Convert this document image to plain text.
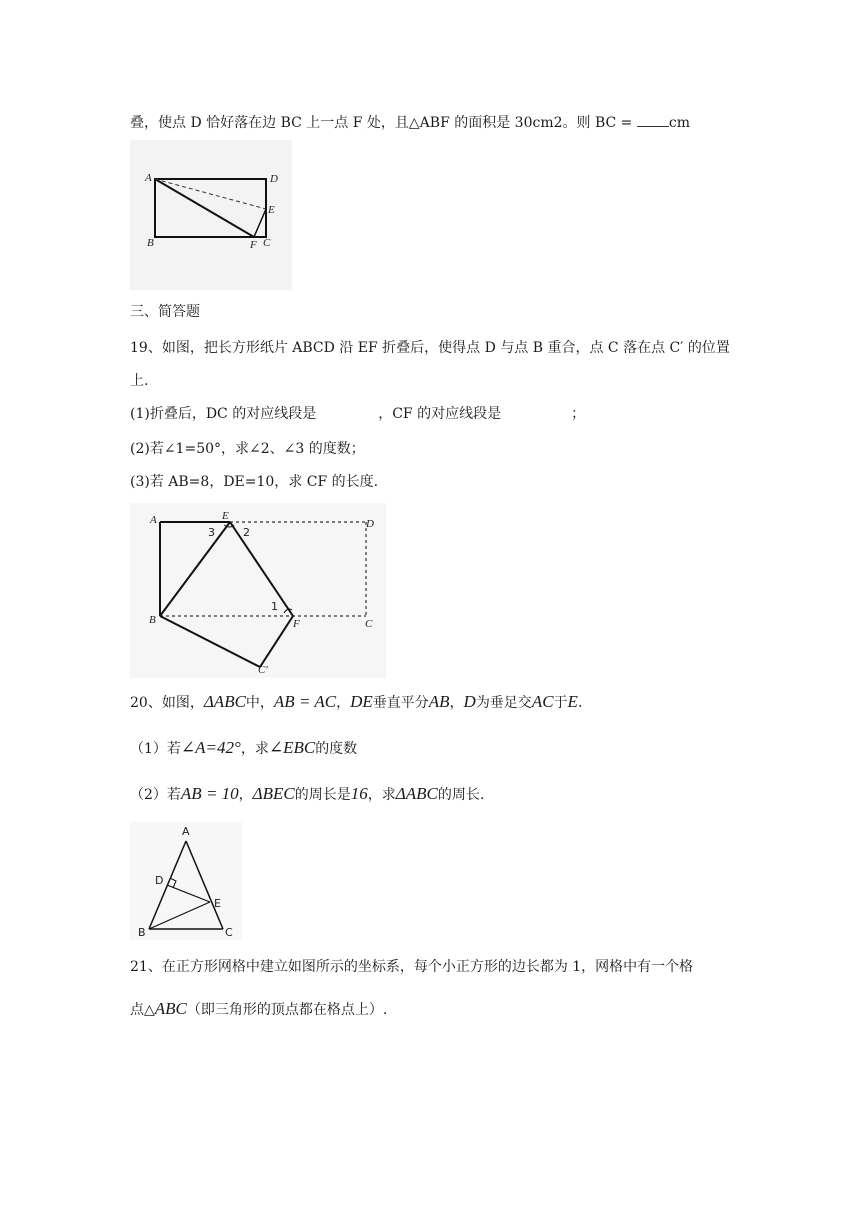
叠，使点 D 恰好落在边 BC 上一点 F 处，且△ABF 的面积是 30cm2。则 BC =	cm
A	D
E
B	F C
三、简答题
19、如图，把长方形纸片 ABCD 沿 EF 折叠后，使得点 D 与点 B 重合，点 C 落在点 C′ 的位置
上.
(1)折叠后，DC 的对应线段是	，CF 的对应线段是	；
(2)若∠1=50°，求∠2、∠3 的度数；
(3)若 AB=8，DE=10，求 CF 的长度.
A	E
D
B	F	C
C′
1
2
3
20、如图，ΔABC中，AB = AC，DE垂直平分AB，D为垂足交AC于E.
（1）若∠A=42°，求∠EBC的度数
（2）若AB = 10，ΔBEC的周长是16，求ΔABC的周长.
A
D
E
B	C
21、在正方形网格中建立如图所示的坐标系，每个小正方形的边长都为 1，网格中有一个格
点△ABC（即三角形的顶点都在格点上）.
